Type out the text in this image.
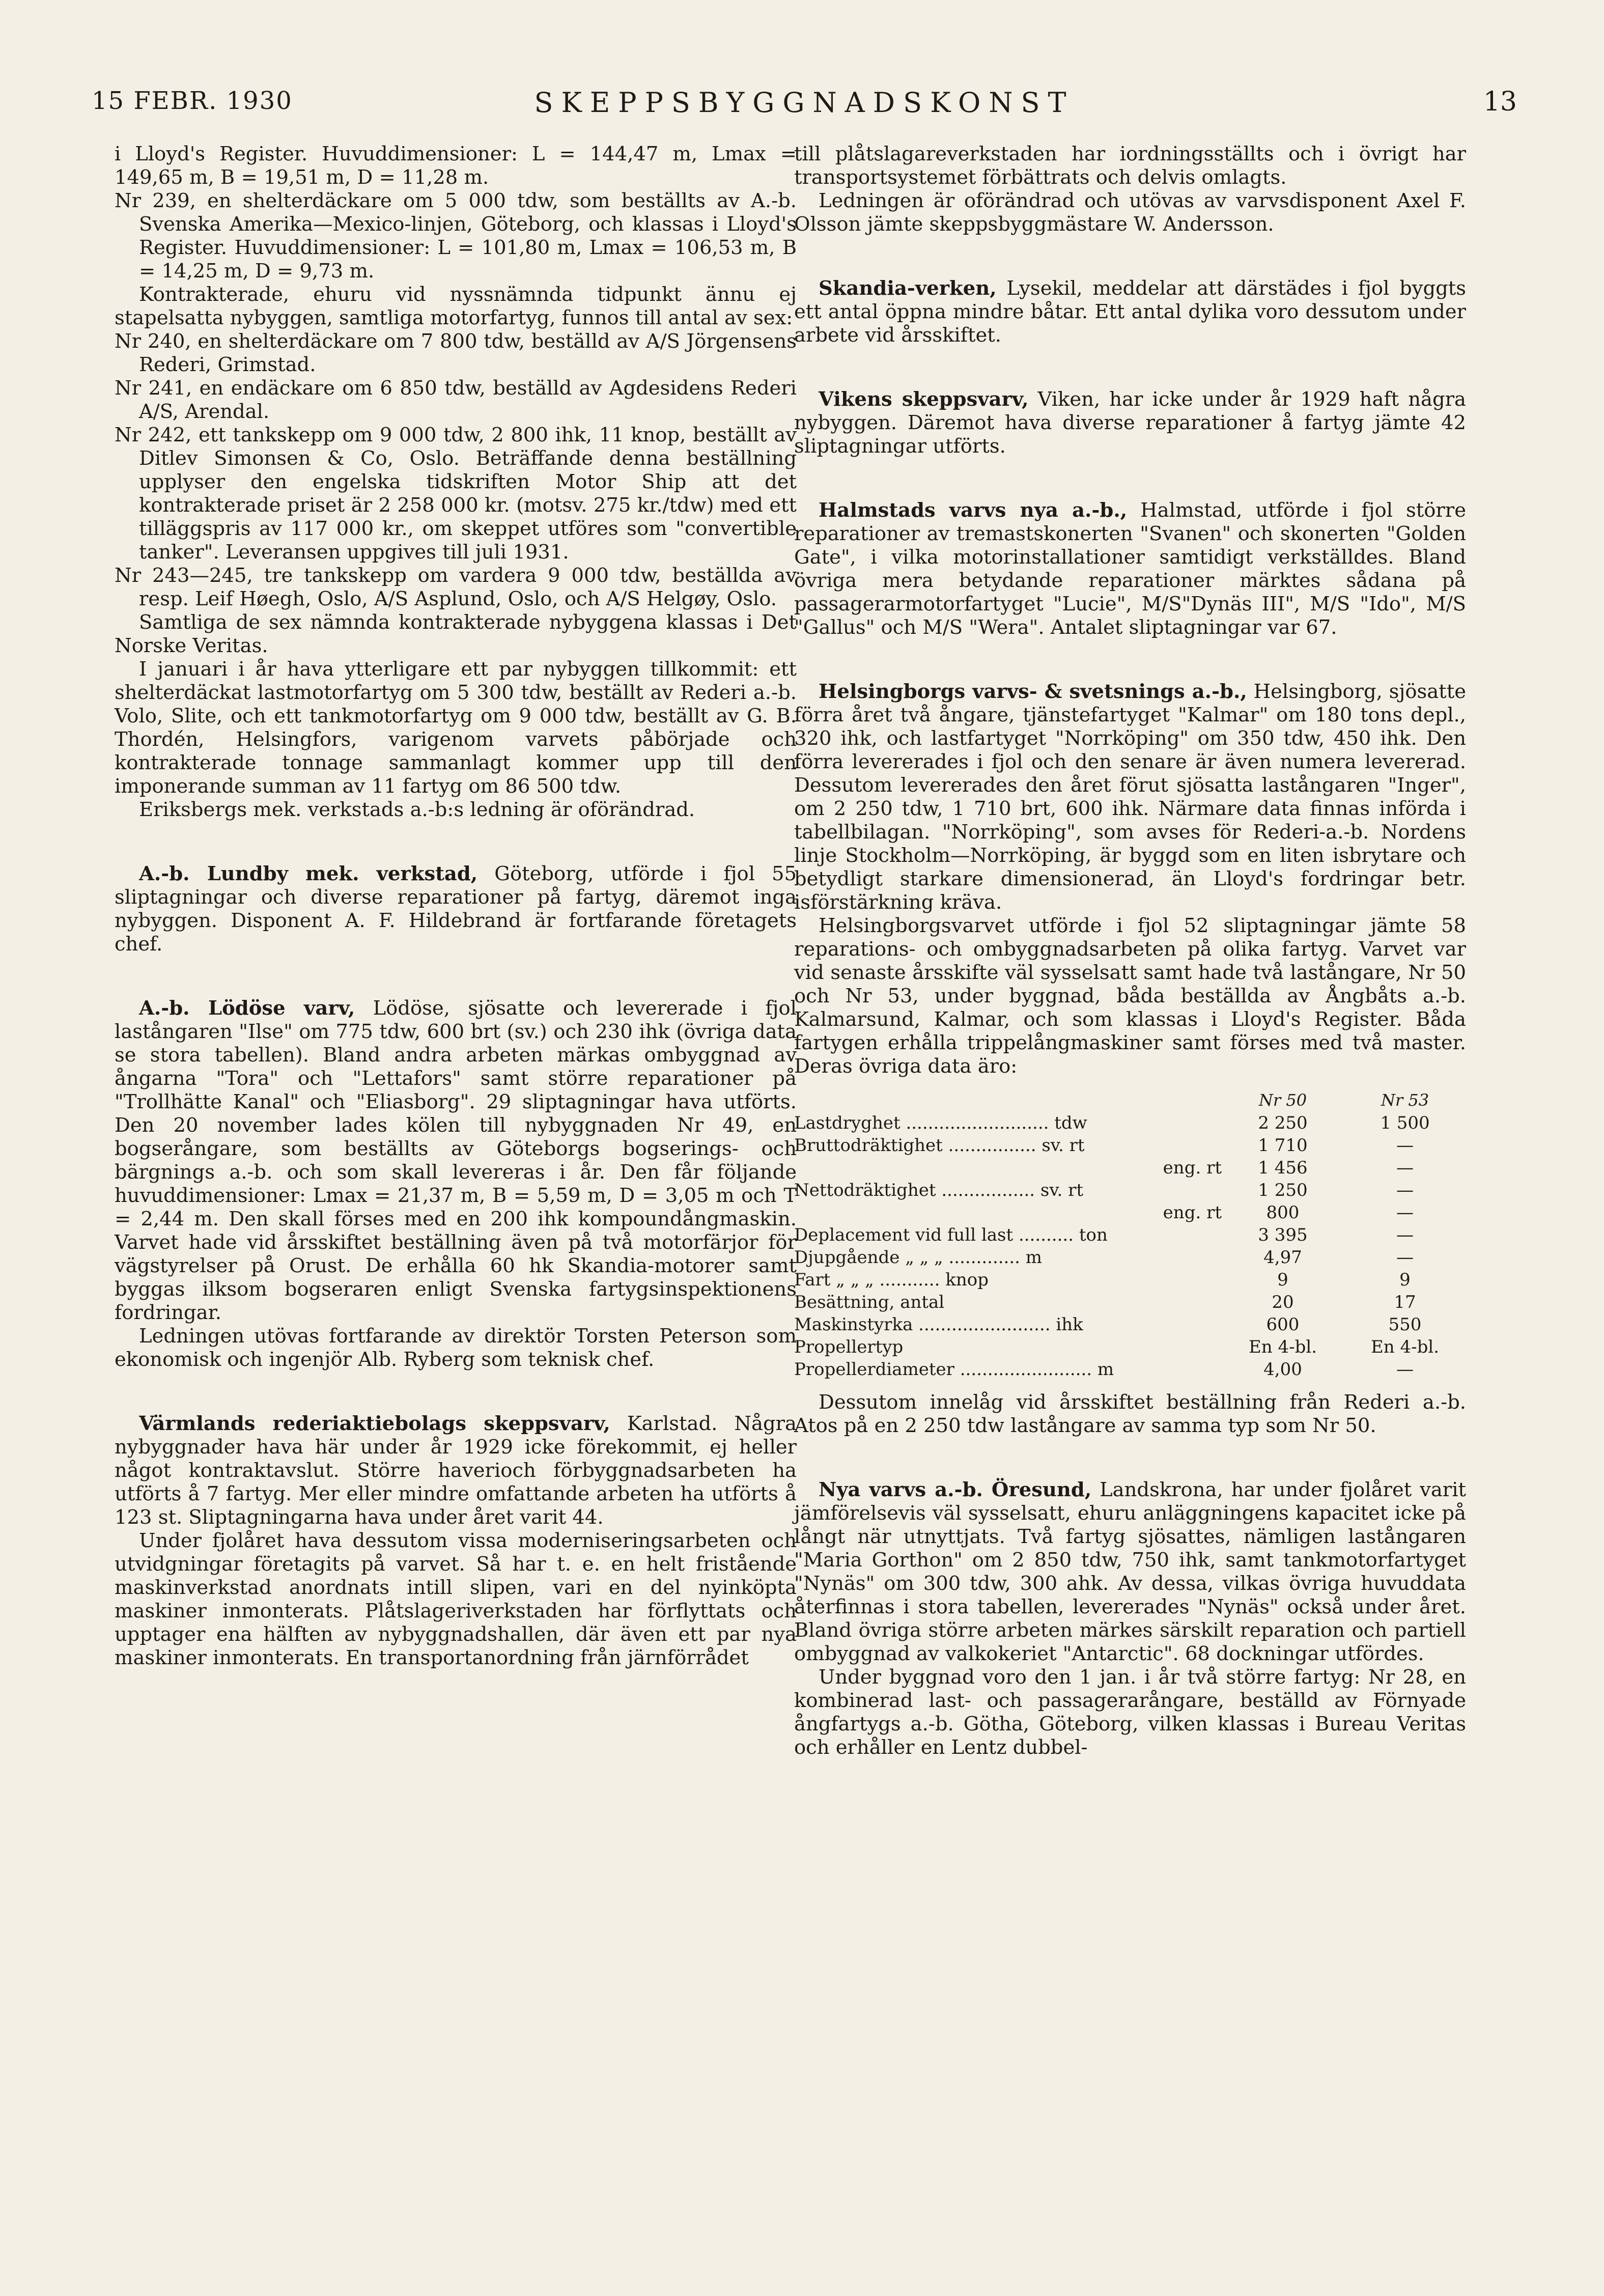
15 FEBR. 1930	SKEPPSBYGGNADSKONST	13

i Lloyd's Register. Huvuddimensioner: L = 144,47 m, Lmax = 149,65 m, B = 19,51 m, D = 11,28 m.

Nr 239, en shelterdäckare om 5 000 tdw, som beställts av A.-b. Svenska Amerika—Mexico-linjen, Göteborg, och klassas i Lloyd's Register. Huvuddimensioner: L = 101,80 m, Lmax = 106,53 m, B = 14,25 m, D = 9,73 m.

Kontrakterade, ehuru vid nyssnämnda tidpunkt ännu ej stapelsatta nybyggen, samtliga motorfartyg, funnos till antal av sex:

Nr 240, en shelterdäckare om 7 800 tdw, beställd av A/S Jörgensens Rederi, Grimstad.

Nr 241, en endäckare om 6 850 tdw, beställd av Agdesidens Rederi A/S, Arendal.

Nr 242, ett tankskepp om 9 000 tdw, 2 800 ihk, 11 knop, beställt av Ditlev Simonsen & Co, Oslo. Beträffande denna beställning upplyser den engelska tidskriften Motor Ship att det kontrakterade priset är 2 258 000 kr. (motsv. 275 kr./tdw) med ett tilläggspris av 117 000 kr., om skeppet utföres som "convertible tanker". Leveransen uppgives till juli 1931.

Nr 243—245, tre tankskepp om vardera 9 000 tdw, beställda av resp. Leif Høegh, Oslo, A/S Asplund, Oslo, och A/S Helgøy, Oslo.

Samtliga de sex nämnda kontrakterade nybyggena klassas i Det Norske Veritas.

I januari i år hava ytterligare ett par nybyggen tillkommit: ett shelterdäckat lastmotorfartyg om 5 300 tdw, beställt av Rederi a.-b. Volo, Slite, och ett tankmotorfartyg om 9 000 tdw, beställt av G. B. Thordén, Helsingfors, varigenom varvets påbörjade och kontrakterade tonnage sammanlagt kommer upp till den imponerande summan av 11 fartyg om 86 500 tdw.

Eriksbergs mek. verkstads a.-b:s ledning är oförändrad.

A.-b. Lundby mek. verkstad, Göteborg, utförde i fjol 55 sliptagningar och diverse reparationer på fartyg, däremot inga nybyggen. Disponent A. F. Hildebrand är fortfarande företagets chef.

A.-b. Lödöse varv, Lödöse, sjösatte och levererade i fjol lastångaren "Ilse" om 775 tdw, 600 brt (sv.) och 230 ihk (övriga data se stora tabellen). Bland andra arbeten märkas ombyggnad av ångarna "Tora" och "Lettafors" samt större reparationer på "Trollhätte Kanal" och "Eliasborg". 29 sliptagningar hava utförts. Den 20 november lades kölen till nybyggnaden Nr 49, en bogserångare, som beställts av Göteborgs bogserings- och bärgnings a.-b. och som skall levereras i år. Den får följande huvuddimensioner: Lmax = 21,37 m, B = 5,59 m, D = 3,05 m och T = 2,44 m. Den skall förses med en 200 ihk kompoundångmaskin. Varvet hade vid årsskiftet beställning även på två motorfärjor för vägstyrelser på Orust. De erhålla 60 hk Skandia-motorer samt byggas ilksom bogseraren enligt Svenska fartygsinspektionens fordringar.

Ledningen utövas fortfarande av direktör Torsten Peterson som ekonomisk och ingenjör Alb. Ryberg som teknisk chef.

Värmlands rederiaktiebolags skeppsvarv, Karlstad. Några nybyggnader hava här under år 1929 icke förekommit, ej heller något kontraktavslut. Större haverioch förbyggnadsarbeten ha utförts å 7 fartyg. Mer eller mindre omfattande arbeten ha utförts å 123 st. Sliptagningarna hava under året varit 44.

Under fjolåret hava dessutom vissa moderniseringsarbeten och utvidgningar företagits på varvet. Så har t. e. en helt fristående maskinverkstad anordnats intill slipen, vari en del nyinköpta maskiner inmonterats. Plåtslageriverkstaden har förflyttats och upptager ena hälften av nybyggnadshallen, där även ett par nya maskiner inmonterats. En transportanordning från järnförrådet

till plåtslagareverkstaden har iordningsställts och i övrigt har transportsystemet förbättrats och delvis omlagts.

Ledningen är oförändrad och utövas av varvsdisponent Axel F. Olsson jämte skeppsbyggmästare W. Andersson.

Skandia-verken, Lysekil, meddelar att därstädes i fjol byggts ett antal öppna mindre båtar. Ett antal dylika voro dessutom under arbete vid årsskiftet.

Vikens skeppsvarv, Viken, har icke under år 1929 haft några nybyggen. Däremot hava diverse reparationer å fartyg jämte 42 sliptagningar utförts.

Halmstads varvs nya a.-b., Halmstad, utförde i fjol större reparationer av tremastskonerten "Svanen" och skonerten "Golden Gate", i vilka motorinstallationer samtidigt verkställdes. Bland övriga mera betydande reparationer märktes sådana på passagerarmotorfartyget "Lucie", M/S"Dynäs III", M/S "Ido", M/S "Gallus" och M/S "Wera". Antalet sliptagningar var 67.

Helsingborgs varvs- & svetsnings a.-b., Helsingborg, sjösatte förra året två ångare, tjänstefartyget "Kalmar" om 180 tons depl., 320 ihk, och lastfartyget "Norrköping" om 350 tdw, 450 ihk. Den förra levererades i fjol och den senare är även numera levererad. Dessutom levererades den året förut sjösatta lastångaren "Inger", om 2 250 tdw, 1 710 brt, 600 ihk. Närmare data finnas införda i tabellbilagan. "Norrköping", som avses för Rederi-a.-b. Nordens linje Stockholm—Norrköping, är byggd som en liten isbrytare och betydligt starkare dimensionerad, än Lloyd's fordringar betr. isförstärkning kräva.

Helsingborgsvarvet utförde i fjol 52 sliptagningar jämte 58 reparations- och ombyggnadsarbeten på olika fartyg. Varvet var vid senaste årsskifte väl sysselsatt samt hade två lastångare, Nr 50 och Nr 53, under byggnad, båda beställda av Ångbåts a.-b. Kalmarsund, Kalmar, och som klassas i Lloyd's Register. Båda fartygen erhålla trippelångmaskiner samt förses med två master. Deras övriga data äro:

	Nr 50	Nr 53
Lastdryghet .......................... tdw	2 250	1 500
Bruttodräktighet ................ sv. rt	1 710	—
eng. rt	1 456	—
Nettodräktighet ................. sv. rt	1 250	—
eng. rt	800	—
Deplacement vid full last .......... ton	3 395	—
Djupgående „ „ „ ............. m	4,97	—
Fart „ „ „ ........... knop	9	9
Besättning, antal	20	17
Maskinstyrka ........................ ihk	600	550
Propellertyp	En 4-bl.	En 4-bl.
Propellerdiameter ........................ m	4,00	—

Dessutom innelåg vid årsskiftet beställning från Rederi a.-b. Atos på en 2 250 tdw lastångare av samma typ som Nr 50.

Nya varvs a.-b. Öresund, Landskrona, har under fjolåret varit jämförelsevis väl sysselsatt, ehuru anläggningens kapacitet icke på långt när utnyttjats. Två fartyg sjösattes, nämligen lastångaren "Maria Gorthon" om 2 850 tdw, 750 ihk, samt tankmotorfartyget "Nynäs" om 300 tdw, 300 ahk. Av dessa, vilkas övriga huvuddata återfinnas i stora tabellen, levererades "Nynäs" också under året. Bland övriga större arbeten märkes särskilt reparation och partiell ombyggnad av valkokeriet "Antarctic". 68 dockningar utfördes.

Under byggnad voro den 1 jan. i år två större fartyg: Nr 28, en kombinerad last- och passagerarångare, beställd av Förnyade ångfartygs a.-b. Götha, Göteborg, vilken klassas i Bureau Veritas och erhåller en Lentz dubbel-
